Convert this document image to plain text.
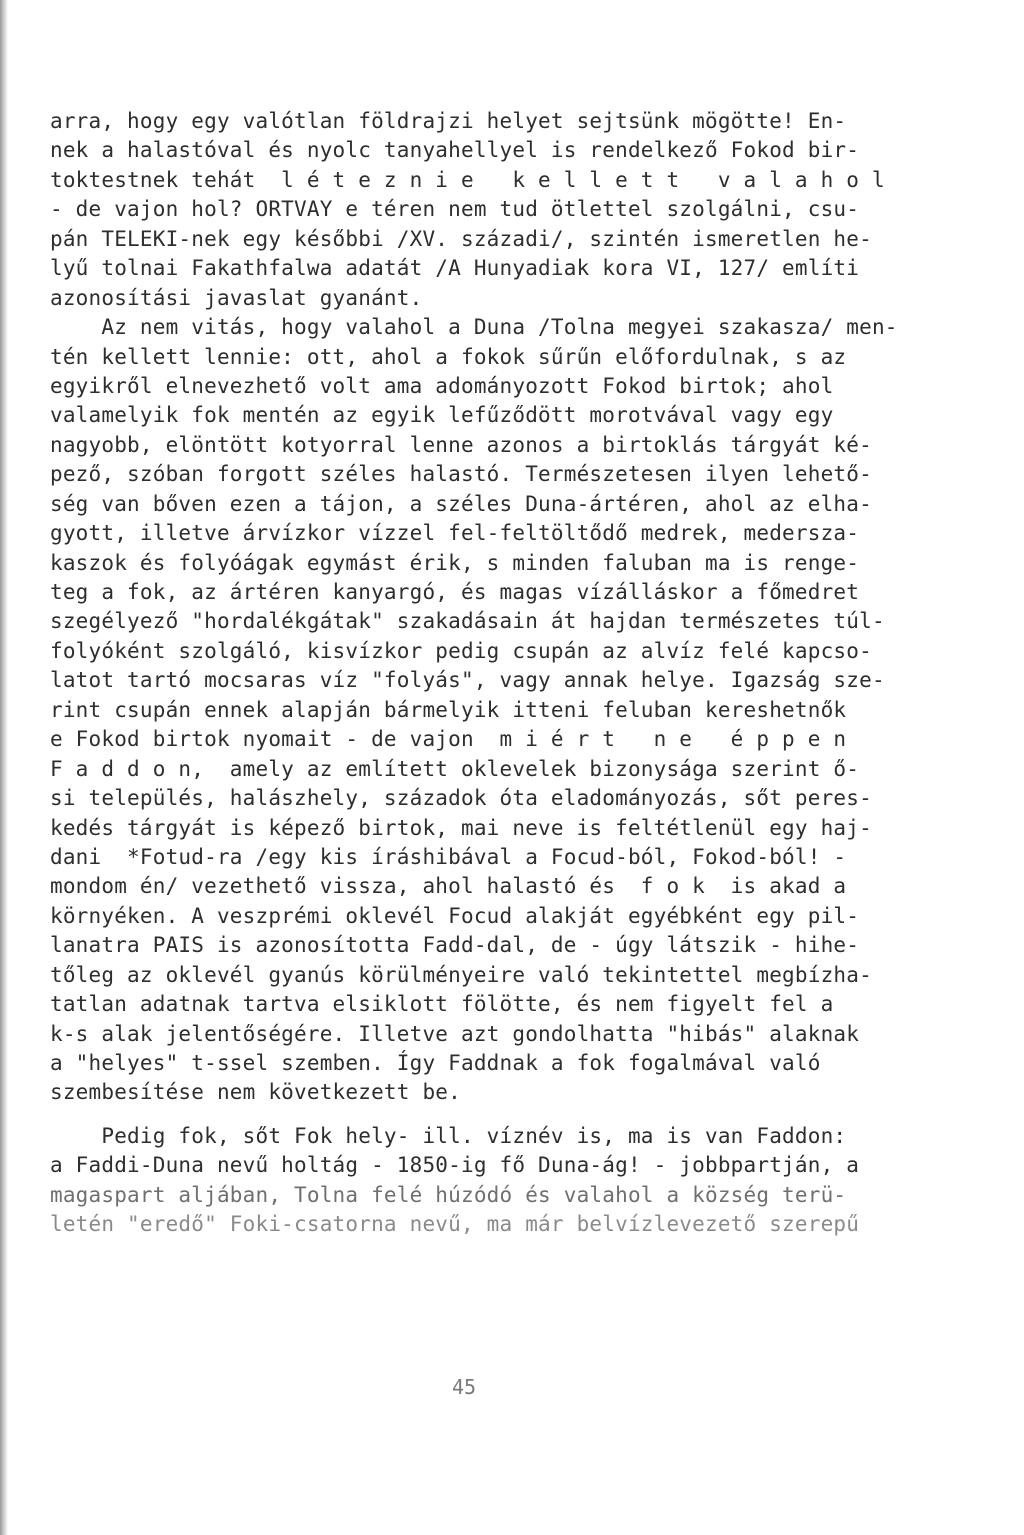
arra, hogy egy valótlan földrajzi helyet sejtsünk mögötte! En-
nek a halastóval és nyolc tanyahellyel is rendelkező Fokod bir-
toktestnek tehát  l é t e z n i e   k e l l e t t   v a l a h o l
- de vajon hol? ORTVAY e téren nem tud ötlettel szolgálni, csu-
pán TELEKI-nek egy későbbi /XV. századi/, szintén ismeretlen he-
lyű tolnai Fakathfalwa adatát /A Hunyadiak kora VI, 127/ említi
azonosítási javaslat gyanánt.
Az nem vitás, hogy valahol a Duna /Tolna megyei szakasza/ men-
tén kellett lennie: ott, ahol a fokok sűrűn előfordulnak, s az
egyikről elnevezhető volt ama adományozott Fokod birtok; ahol
valamelyik fok mentén az egyik lefűződött morotvával vagy egy
nagyobb, elöntött kotyorral lenne azonos a birtoklás tárgyát ké-
pező, szóban forgott széles halastó. Természetesen ilyen lehető-
ség van bőven ezen a tájon, a széles Duna-ártéren, ahol az elha-
gyott, illetve árvízkor vízzel fel-feltöltődő medrek, medersza-
kaszok és folyóágak egymást érik, s minden faluban ma is renge-
teg a fok, az ártéren kanyargó, és magas vízálláskor a főmedret
szegélyező "hordalékgátak" szakadásain át hajdan természetes túl-
folyóként szolgáló, kisvízkor pedig csupán az alvíz felé kapcso-
latot tartó mocsaras víz "folyás", vagy annak helye. Igazság sze-
rint csupán ennek alapján bármelyik itteni feluban kereshetnők
e Fokod birtok nyomait - de vajon  m i é r t   n e   é p p e n
F a d d o n,  amely az említett oklevelek bizonysága szerint ő-
si település, halászhely, századok óta eladományozás, sőt peres-
kedés tárgyát is képező birtok, mai neve is feltétlenül egy haj-
dani  *Fotud-ra /egy kis íráshibával a Focud-ból, Fokod-ból! -
mondom én/ vezethető vissza, ahol halastó és  f o k  is akad a
környéken. A veszprémi oklevél Focud alakját egyébként egy pil-
lanatra PAIS is azonosította Fadd-dal, de - úgy látszik - hihe-
tőleg az oklevél gyanús körülményeire való tekintettel megbízha-
tatlan adatnak tartva elsiklott fölötte, és nem figyelt fel a
k-s alak jelentőségére. Illetve azt gondolhatta "hibás" alaknak
a "helyes" t-ssel szemben. Így Faddnak a fok fogalmával való
szembesítése nem következett be.
Pedig fok, sőt Fok hely- ill. víznév is, ma is van Faddon:
a Faddi-Duna nevű holtág - 1850-ig fő Duna-ág! - jobbpartján, a
magaspart aljában, Tolna felé húzódó és valahol a község terü-
letén "eredő" Foki-csatorna nevű, ma már belvízlevezető szerepű
45
